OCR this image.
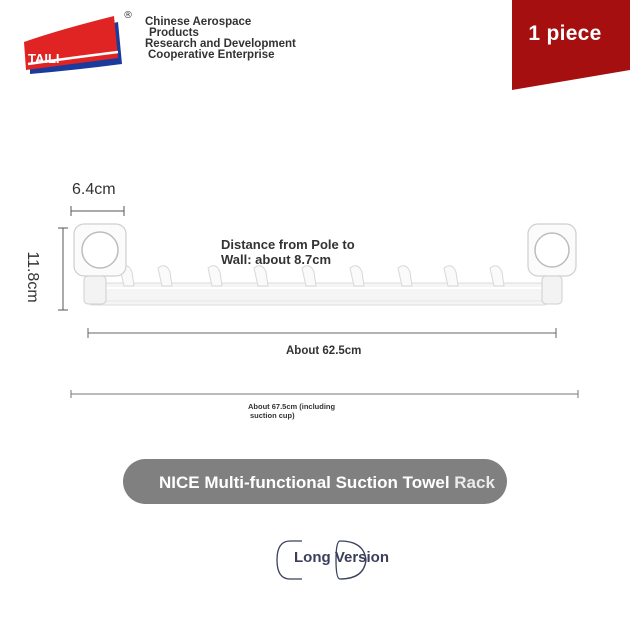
TAILI
®
Chinese Aerospace
Products
Research and Development
Cooperative Enterprise
1 piece
6.4cm
11.8cm
Distance from Pole to
Wall: about 8.7cm
About 62.5cm
About 67.5cm (including
suction cup)
NICE Multi-functional Suction Towel Rack
Long Version
